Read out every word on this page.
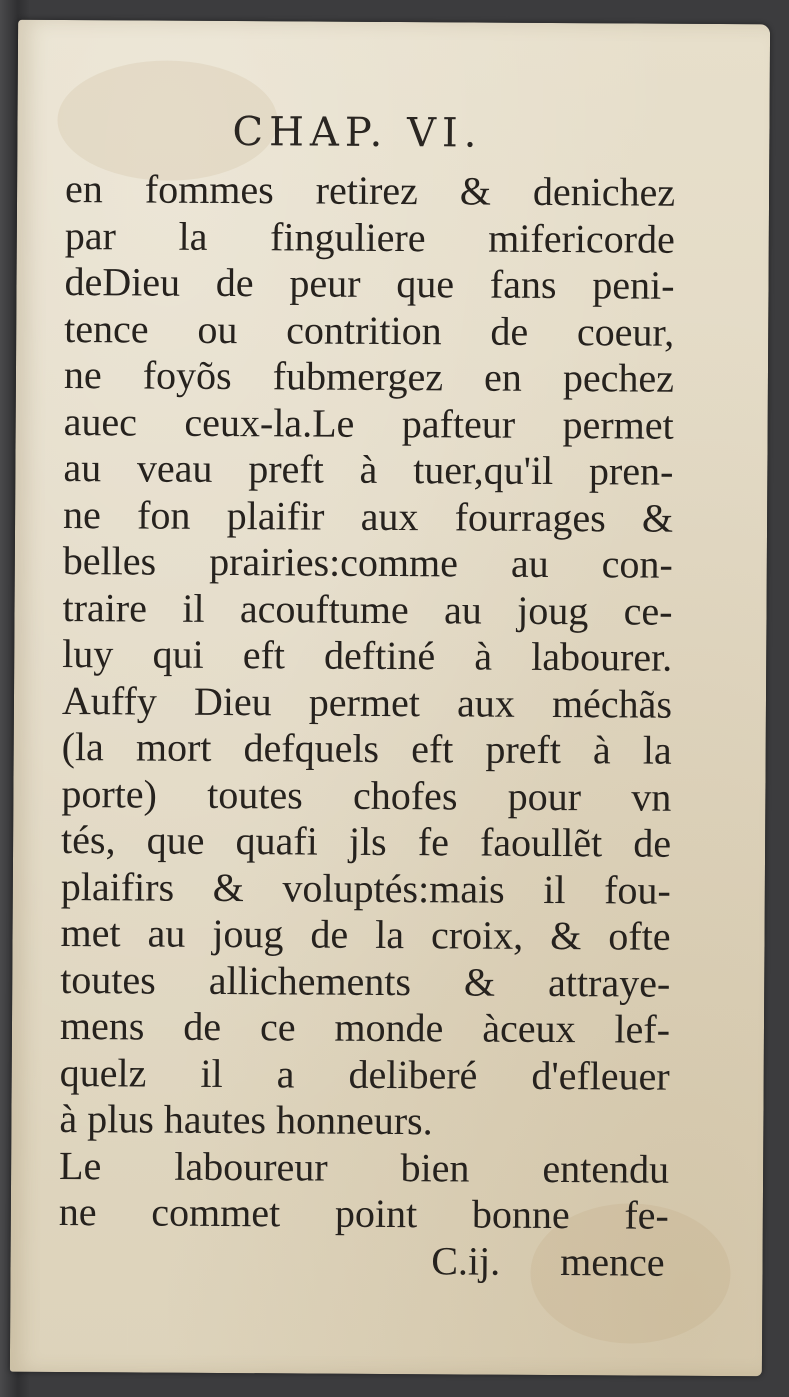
CHAP. VI.
en fommes retirez & denichez
par la finguliere mifericorde
deDieu de peur que fans peni-
tence ou contrition de coeur,
ne foyõs fubmergez en pechez
auec ceux-la.Le pafteur permet
au veau preft à tuer,qu'il pren-
ne fon plaifir aux fourrages &
belles prairies:comme au con-
traire il acouftume au joug ce-
luy qui eft deftiné à labourer.
Auffy Dieu permet aux méchãs
(la mort defquels eft preft à la
porte) toutes chofes pour vn
tés, que quafi jls fe faoullẽt de
plaifirs & voluptés:mais il fou-
met au joug de la croix, & ofte
toutes allichements & attraye-
mens de ce monde àceux lef-
quelz il a deliberé d'efleuer
à plus hautes honneurs.
Le laboureur bien entendu
ne commet point bonne fe-
C.ij. mence
